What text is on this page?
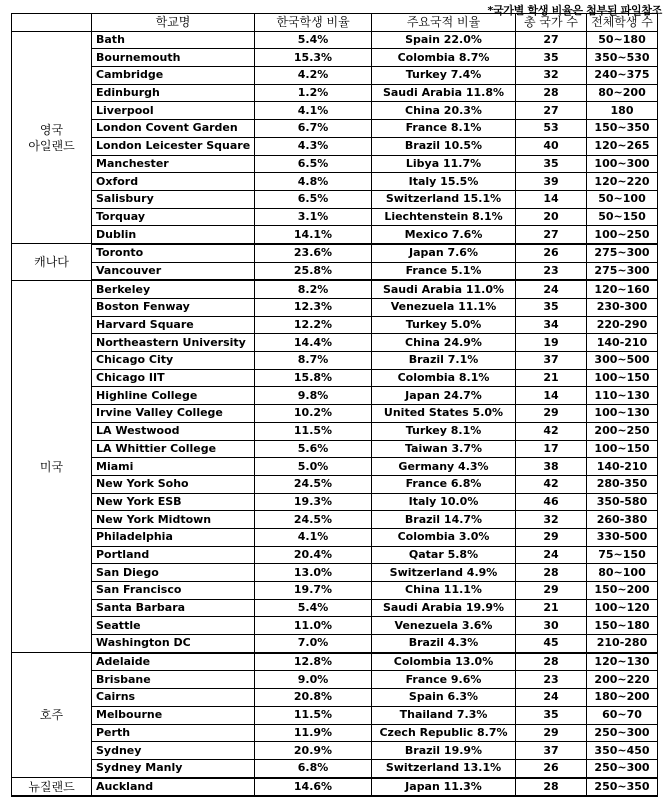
*국가별 학생 비율은 첨부된 파일참조
	학교명	한국학생 비율	주요국적 비율	총 국가 수	전체학생 수

영국
아일랜드	Bath	5.4%	Spain 22.0%	27	50~180
	Bournemouth	15.3%	Colombia 8.7%	35	350~530
	Cambridge	4.2%	Turkey 7.4%	32	240~375
	Edinburgh	1.2%	Saudi Arabia 11.8%	28	80~200
	Liverpool	4.1%	China 20.3%	27	180
	London Covent Garden	6.7%	France 8.1%	53	150~350
	London Leicester Square	4.3%	Brazil 10.5%	40	120~265
	Manchester	6.5%	Libya 11.7%	35	100~300
	Oxford	4.8%	Italy 15.5%	39	120~220
	Salisbury	6.5%	Switzerland 15.1%	14	50~100
	Torquay	3.1%	Liechtenstein 8.1%	20	50~150
	Dublin	14.1%	Mexico 7.6%	27	100~250

캐나다	Toronto	23.6%	Japan 7.6%	26	275~300
	Vancouver	25.8%	France 5.1%	23	275~300

미국	Berkeley	8.2%	Saudi Arabia 11.0%	24	120~160
	Boston Fenway	12.3%	Venezuela 11.1%	35	230-300
	Harvard Square	12.2%	Turkey 5.0%	34	220-290
	Northeastern University	14.4%	China 24.9%	19	140-210
	Chicago City	8.7%	Brazil 7.1%	37	300~500
	Chicago IIT	15.8%	Colombia 8.1%	21	100~150
	Highline College	9.8%	Japan 24.7%	14	110~130
	Irvine Valley College	10.2%	United States 5.0%	29	100~130
	LA Westwood	11.5%	Turkey 8.1%	42	200~250
	LA Whittier College	5.6%	Taiwan 3.7%	17	100~150
	Miami	5.0%	Germany 4.3%	38	140-210
	New York Soho	24.5%	France 6.8%	42	280-350
	New York ESB	19.3%	Italy 10.0%	46	350-580
	New York Midtown	24.5%	Brazil 14.7%	32	260-380
	Philadelphia	4.1%	Colombia 3.0%	29	330-500
	Portland	20.4%	Qatar 5.8%	24	75~150
	San Diego	13.0%	Switzerland 4.9%	28	80~100
	San Francisco	19.7%	China 11.1%	29	150~200
	Santa Barbara	5.4%	Saudi Arabia 19.9%	21	100~120
	Seattle	11.0%	Venezuela 3.6%	30	150~180
	Washington DC	7.0%	Brazil 4.3%	45	210-280

호주	Adelaide	12.8%	Colombia 13.0%	28	120~130
	Brisbane	9.0%	France 9.6%	23	200~220
	Cairns	20.8%	Spain 6.3%	24	180~200
	Melbourne	11.5%	Thailand 7.3%	35	60~70
	Perth	11.9%	Czech Republic 8.7%	29	250~300
	Sydney	20.9%	Brazil 19.9%	37	350~450
	Sydney Manly	6.8%	Switzerland 13.1%	26	250~300

뉴질랜드	Auckland	14.6%	Japan 11.3%	28	250~350
